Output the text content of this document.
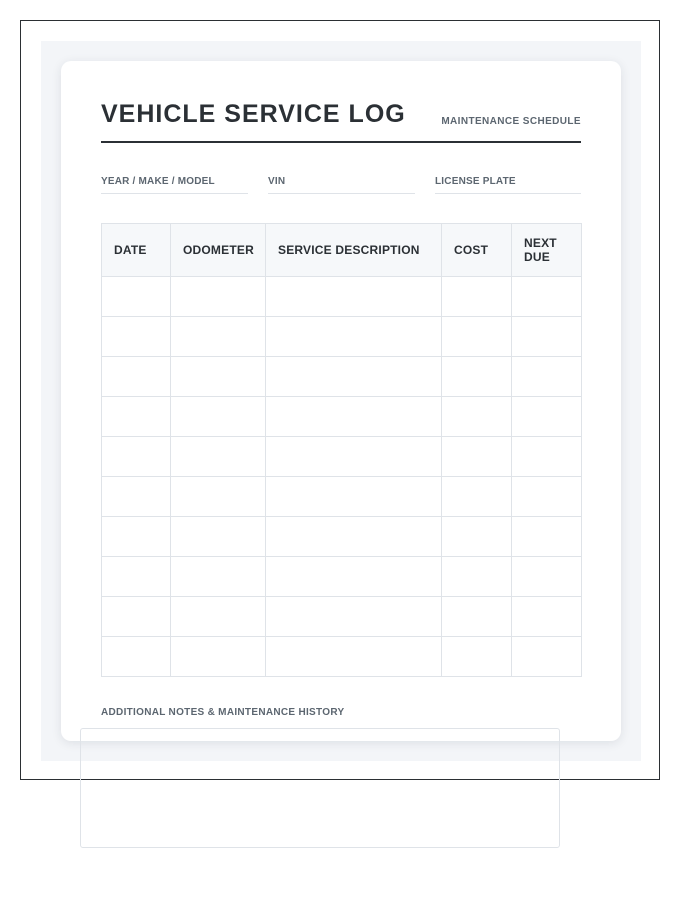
VEHICLE SERVICE LOG	MAINTENANCE SCHEDULE
YEAR / MAKE / MODEL	VIN	LICENSE PLATE
DATE	ODOMETER	SERVICE DESCRIPTION	COST	NEXT DUE

ADDITIONAL NOTES & MAINTENANCE HISTORY
